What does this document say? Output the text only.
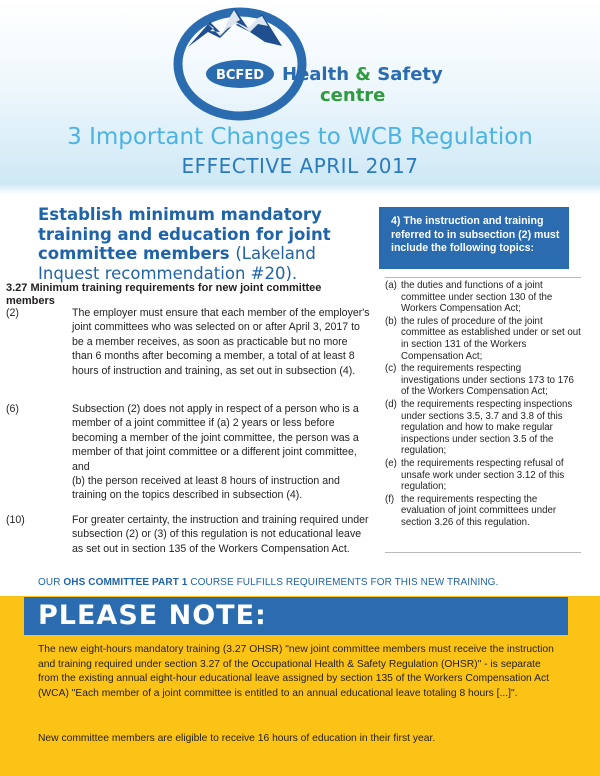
BCFED Health & Safety
centre
3 Important Changes to WCB Regulation
EFFECTIVE APRIL 2017
Establish minimum mandatory training and education for joint committee members (Lakeland Inquest recommendation #20).
3.27 Minimum training requirements for new joint committee members
(2)	The employer must ensure that each member of the employer's joint committees who was selected on or after April 3, 2017 to be a member receives, as soon as practicable but no more than 6 months after becoming a member, a total of at least 8 hours of instruction and training, as set out in subsection (4).
(6)	Subsection (2) does not apply in respect of a person who is a member of a joint committee if (a) 2 years or less before becoming a member of the joint committee, the person was a member of that joint committee or a different joint committee, and
(b) the person received at least 8 hours of instruction and training on the topics described in subsection (4).
(10)	For greater certainty, the instruction and training required under subsection (2) or (3) of this regulation is not educational leave as set out in section 135 of the Workers Compensation Act.
4) The instruction and training referred to in subsection (2) must include the following topics:
(a) the duties and functions of a joint committee under section 130 of the Workers Compensation Act;
(b) the rules of procedure of the joint committee as established under or set out in section 131 of the Workers Compensation Act;
(c) the requirements respecting investigations under sections 173 to 176 of the Workers Compensation Act;
(d) the requirements respecting inspections under sections 3.5, 3.7 and 3.8 of this regulation and how to make regular inspections under section 3.5 of the regulation;
(e) the requirements respecting refusal of unsafe work under section 3.12 of this regulation;
(f) the requirements respecting the evaluation of joint committees under section 3.26 of this regulation.
OUR OHS COMMITTEE PART 1 COURSE FULFILLS REQUIREMENTS FOR THIS NEW TRAINING.
PLEASE NOTE:
The new eight-hours mandatory training (3.27 OHSR) "new joint committee members must receive the instruction and training required under section 3.27 of the Occupational Health & Safety Regulation (OHSR)" - is separate from the existing annual eight-hour educational leave assigned by section 135 of the Workers Compensation Act (WCA) "Each member of a joint committee is entitled to an annual educational leave totaling 8 hours [...]".
New committee members are eligible to receive 16 hours of education in their first year.
